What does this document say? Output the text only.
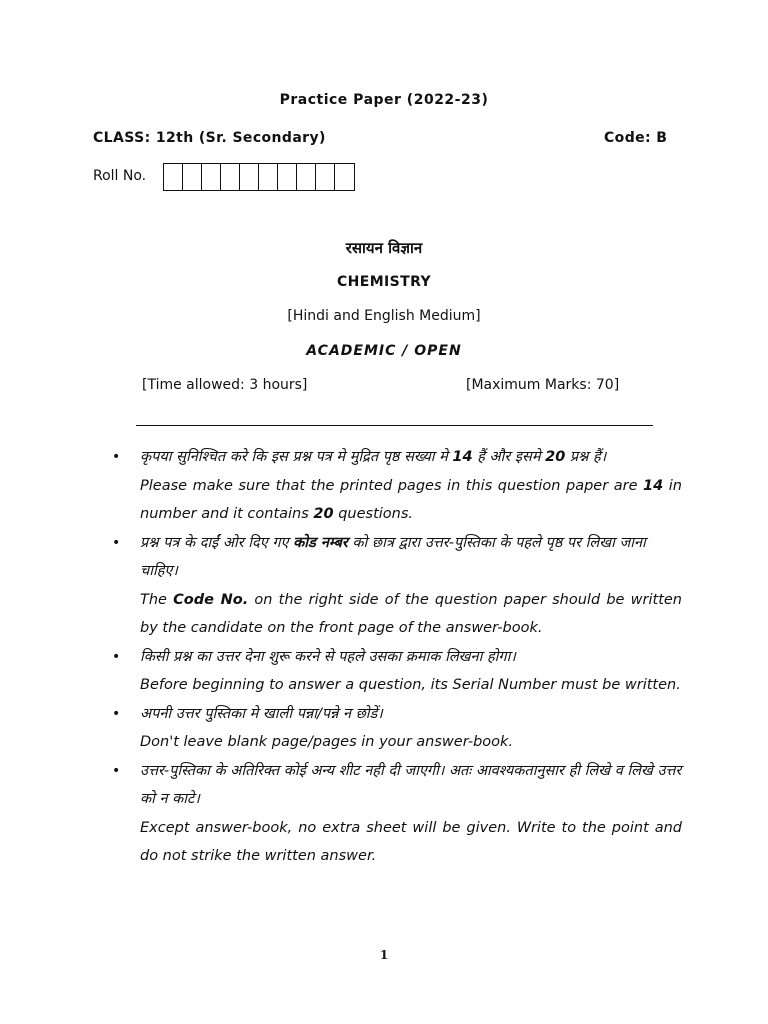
Practice Paper (2022-23)
CLASS: 12th (Sr. Secondary)	Code: B
Roll No.
रसायन विज्ञान
CHEMISTRY
[Hindi and English Medium]
ACADEMIC / OPEN
[Time allowed: 3 hours]	[Maximum Marks: 70]
• कृपया सुनिश्चित करे कि इस प्रश्न पत्र मे मुद्रित पृष्ठ सख्या मे 14 हैं और इसमे 20 प्रश्न हैं।
Please make sure that the printed pages in this question paper are 14 in number and it contains 20 questions.
• प्रश्न पत्र के दाईं ओर दिए गए कोड नम्बर को छात्र द्वारा उत्तर-पुस्तिका के पहले पृष्ठ पर लिखा जाना चाहिए।
The Code No. on the right side of the question paper should be written by the candidate on the front page of the answer-book.
• किसी प्रश्न का उत्तर देना शुरू करने से पहले उसका क्रमाक लिखना होगा।
Before beginning to answer a question, its Serial Number must be written.
• अपनी उत्तर पुस्तिका मे खाली पन्ना/पन्ने न छोडें।
Don't leave blank page/pages in your answer-book.
• उत्तर-पुस्तिका के अतिरिक्त कोई अन्य शीट नही दी जाएगी। अतः आवश्यकतानुसार ही लिखे व लिखे उत्तर को न काटे।
Except answer-book, no extra sheet will be given. Write to the point and do not strike the written answer.
1
